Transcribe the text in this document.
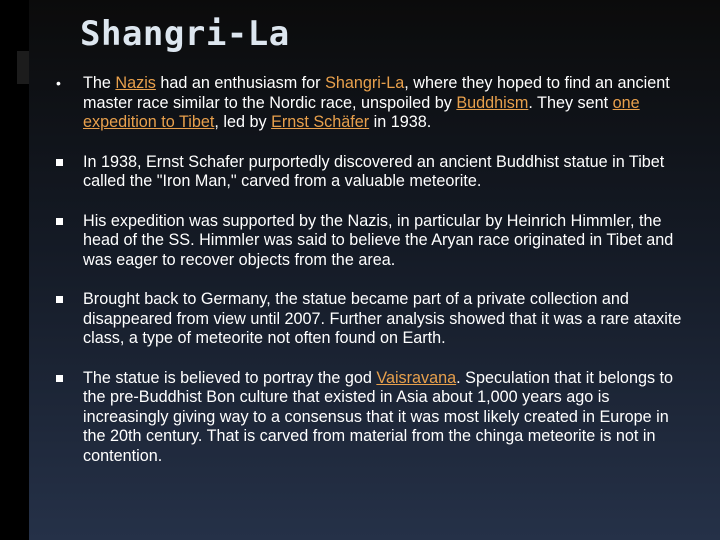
Shangri-La
• The Nazis had an enthusiasm for Shangri-La, where they hoped to find an ancient master race similar to the Nordic race, unspoiled by Buddhism. They sent one expedition to Tibet, led by Ernst Schäfer in 1938.
In 1938, Ernst Schafer purportedly discovered an ancient Buddhist statue in Tibet called the "Iron Man," carved from a valuable meteorite.
His expedition was supported by the Nazis, in particular by Heinrich Himmler, the head of the SS. Himmler was said to believe the Aryan race originated in Tibet and was eager to recover objects from the area.
Brought back to Germany, the statue became part of a private collection and disappeared from view until 2007. Further analysis showed that it was a rare ataxite class, a type of meteorite not often found on Earth.
The statue is believed to portray the god Vaisravana. Speculation that it belongs to the pre-Buddhist Bon culture that existed in Asia about 1,000 years ago is increasingly giving way to a consensus that it was most likely created in Europe in the 20th century. That is carved from material from the chinga meteorite is not in contention.
